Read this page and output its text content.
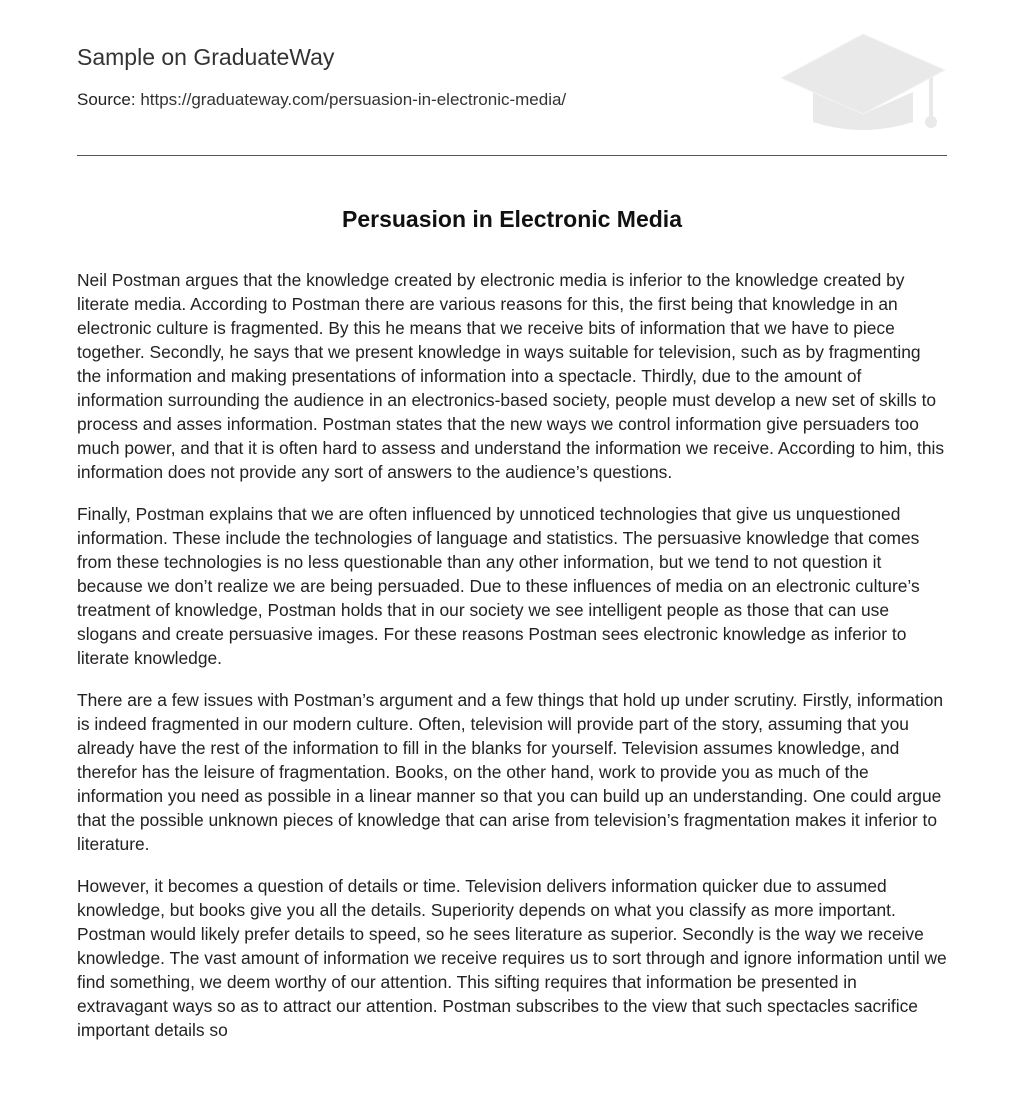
Sample on GraduateWay
Source: https://graduateway.com/persuasion-in-electronic-media/
Persuasion in Electronic Media

Neil Postman argues that the knowledge created by electronic media is inferior to the knowledge created by literate media. According to Postman there are various reasons for this, the first being that knowledge in an electronic culture is fragmented. By this he means that we receive bits of information that we have to piece together. Secondly, he says that we present knowledge in ways suitable for television, such as by fragmenting the information and making presentations of information into a spectacle. Thirdly, due to the amount of information surrounding the audience in an electronics-based society, people must develop a new set of skills to process and asses information. Postman states that the new ways we control information give persuaders too much power, and that it is often hard to assess and understand the information we receive. According to him, this information does not provide any sort of answers to the audience’s questions.

Finally, Postman explains that we are often influenced by unnoticed technologies that give us unquestioned information. These include the technologies of language and statistics. The persuasive knowledge that comes from these technologies is no less questionable than any other information, but we tend to not question it because we don’t realize we are being persuaded. Due to these influences of media on an electronic culture’s treatment of knowledge, Postman holds that in our society we see intelligent people as those that can use slogans and create persuasive images. For these reasons Postman sees electronic knowledge as inferior to literate knowledge.

There are a few issues with Postman’s argument and a few things that hold up under scrutiny. Firstly, information is indeed fragmented in our modern culture. Often, television will provide part of the story, assuming that you already have the rest of the information to fill in the blanks for yourself. Television assumes knowledge, and therefor has the leisure of fragmentation. Books, on the other hand, work to provide you as much of the information you need as possible in a linear manner so that you can build up an understanding. One could argue that the possible unknown pieces of knowledge that can arise from television’s fragmentation makes it inferior to literature.

However, it becomes a question of details or time. Television delivers information quicker due to assumed knowledge, but books give you all the details. Superiority depends on what you classify as more important. Postman would likely prefer details to speed, so he sees literature as superior. Secondly is the way we receive knowledge. The vast amount of information we receive requires us to sort through and ignore information until we find something, we deem worthy of our attention. This sifting requires that information be presented in extravagant ways so as to attract our attention. Postman subscribes to the view that such spectacles sacrifice important details so
